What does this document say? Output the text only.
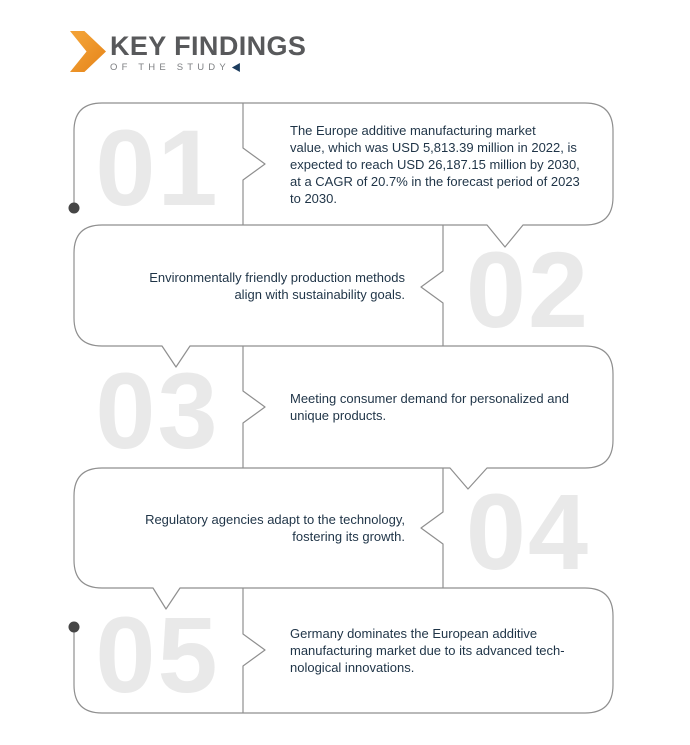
KEY FINDINGS
OF THE STUDY
01	The Europe additive manufacturing market
value, which was USD 5,813.39 million in 2022, is
expected to reach USD 26,187.15 million by 2030,
at a CAGR of 20.7% in the forecast period of 2023
to 2030.
Environmentally friendly production methods
align with sustainability goals. 02
03	Meeting consumer demand for personalized and
unique products.
Regulatory agencies adapt to the technology,
fostering its growth. 04
05	Germany dominates the European additive
manufacturing market due to its advanced tech-
nological innovations.
